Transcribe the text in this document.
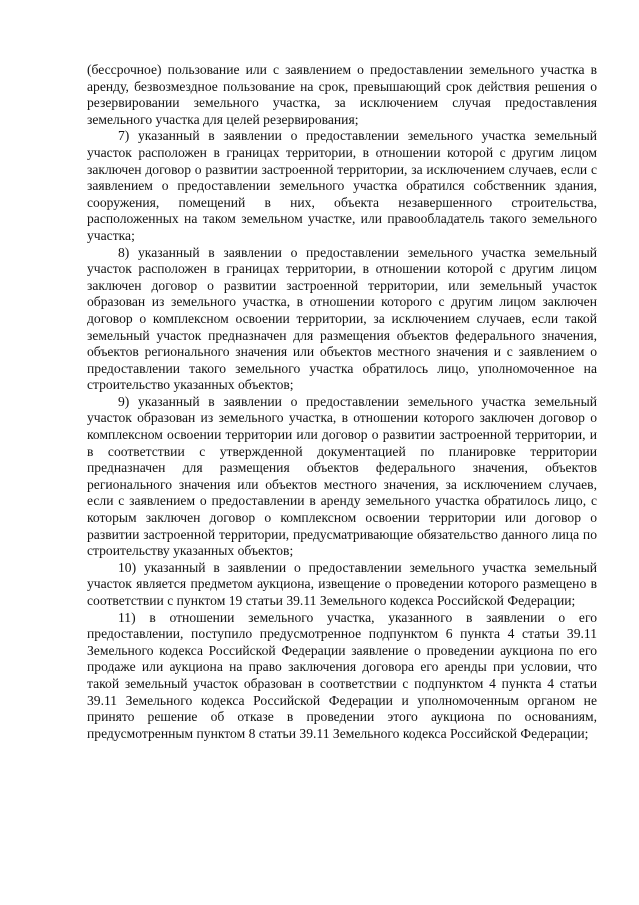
(бессрочное) пользование или с заявлением о предоставлении земельного участка в аренду, безвозмездное пользование на срок, превышающий срок действия решения о резервировании земельного участка, за исключением случая предоставления земельного участка для целей резервирования;

7) указанный в заявлении о предоставлении земельного участка земельный участок расположен в границах территории, в отношении которой с другим лицом заключен договор о развитии застроенной территории, за исключением случаев, если с заявлением о предоставлении земельного участка обратился собственник здания, сооружения, помещений в них, объекта незавершенного строительства, расположенных на таком земельном участке, или правообладатель такого земельного участка;

8) указанный в заявлении о предоставлении земельного участка земельный участок расположен в границах территории, в отношении которой с другим лицом заключен договор о развитии застроенной территории, или земельный участок образован из земельного участка, в отношении которого с другим лицом заключен договор о комплексном освоении территории, за исключением случаев, если такой земельный участок предназначен для размещения объектов федерального значения, объектов регионального значения или объектов местного значения и с заявлением о предоставлении такого земельного участка обратилось лицо, уполномоченное на строительство указанных объектов;

9) указанный в заявлении о предоставлении земельного участка земельный участок образован из земельного участка, в отношении которого заключен договор о комплексном освоении территории или договор о развитии застроенной территории, и в соответствии с утвержденной документацией по планировке территории предназначен для размещения объектов федерального значения, объектов регионального значения или объектов местного значения, за исключением случаев, если с заявлением о предоставлении в аренду земельного участка обратилось лицо, с которым заключен договор о комплексном освоении территории или договор о развитии застроенной территории, предусматривающие обязательство данного лица по строительству указанных объектов;

10) указанный в заявлении о предоставлении земельного участка земельный участок является предметом аукциона, извещение о проведении которого размещено в соответствии с пунктом 19 статьи 39.11 Земельного кодекса Российской Федерации;

11) в отношении земельного участка, указанного в заявлении о его предоставлении, поступило предусмотренное подпунктом 6 пункта 4 статьи 39.11 Земельного кодекса Российской Федерации заявление о проведении аукциона по его продаже или аукциона на право заключения договора его аренды при условии, что такой земельный участок образован в соответствии с подпунктом 4 пункта 4 статьи 39.11 Земельного кодекса Российской Федерации и уполномоченным органом не принято решение об отказе в проведении этого аукциона по основаниям, предусмотренным пунктом 8 статьи 39.11 Земельного кодекса Российской Федерации;
